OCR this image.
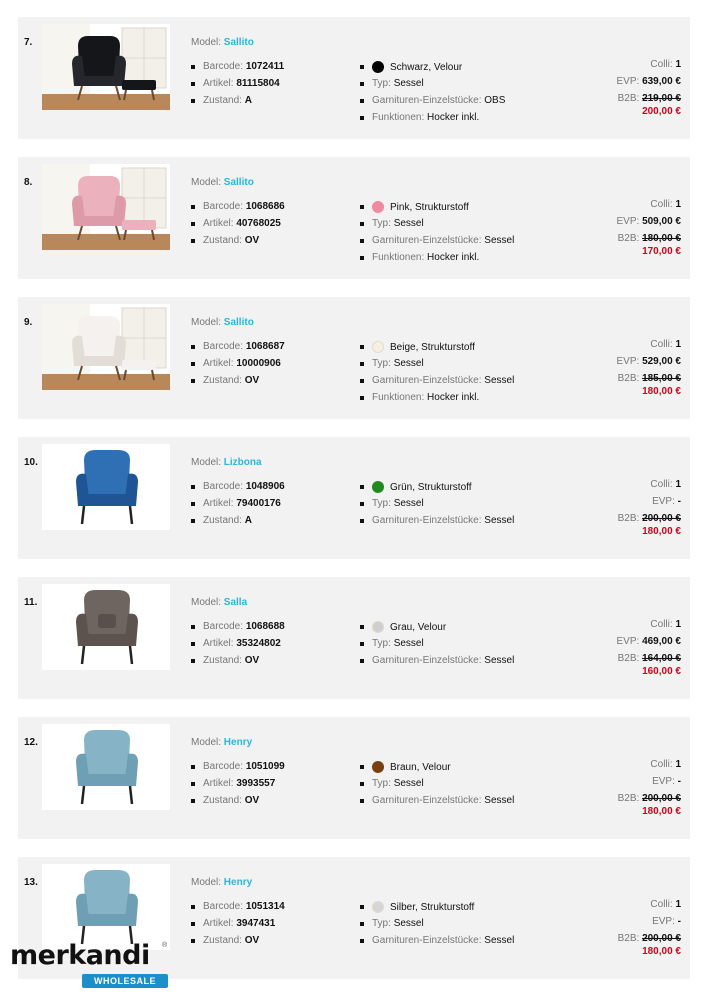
7.	Model: Sallito
Barcode: 1072411
Artikel: 81115804
Zustand: A
Schwarz, Velour
Typ: Sessel
Garnituren-Einzelstücke: OBS
Funktionen: Hocker inkl.
Colli: 1
EVP: 639,00 €
B2B: 219,00 €
200,00 €
8.	Model: Sallito
Barcode: 1068686
Artikel: 40768025
Zustand: OV
Pink, Strukturstoff
Typ: Sessel
Garnituren-Einzelstücke: Sessel
Funktionen: Hocker inkl.
Colli: 1
EVP: 509,00 €
B2B: 180,00 €
170,00 €
9.	Model: Sallito
Barcode: 1068687
Artikel: 10000906
Zustand: OV
Beige, Strukturstoff
Typ: Sessel
Garnituren-Einzelstücke: Sessel
Funktionen: Hocker inkl.
Colli: 1
EVP: 529,00 €
B2B: 185,00 €
180,00 €
10.	Model: Lizbona
Barcode: 1048906
Artikel: 79400176
Zustand: A
Grün, Strukturstoff
Typ: Sessel
Garnituren-Einzelstücke: Sessel
Colli: 1
EVP: -
B2B: 200,00 €
180,00 €
11.	Model: Salla
Barcode: 1068688
Artikel: 35324802
Zustand: OV
Grau, Velour
Typ: Sessel
Garnituren-Einzelstücke: Sessel
Colli: 1
EVP: 469,00 €
B2B: 164,00 €
160,00 €
12.	Model: Henry
Barcode: 1051099
Artikel: 3993557
Zustand: OV
Braun, Velour
Typ: Sessel
Garnituren-Einzelstücke: Sessel
Colli: 1
EVP: -
B2B: 200,00 €
180,00 €
13.	Model: Henry
Barcode: 1051314
Artikel: 3947431
Zustand: OV
Silber, Strukturstoff
Typ: Sessel
Garnituren-Einzelstücke: Sessel
Colli: 1
EVP: -
B2B: 200,00 €
180,00 €
merkandi ®
WHOLESALE
